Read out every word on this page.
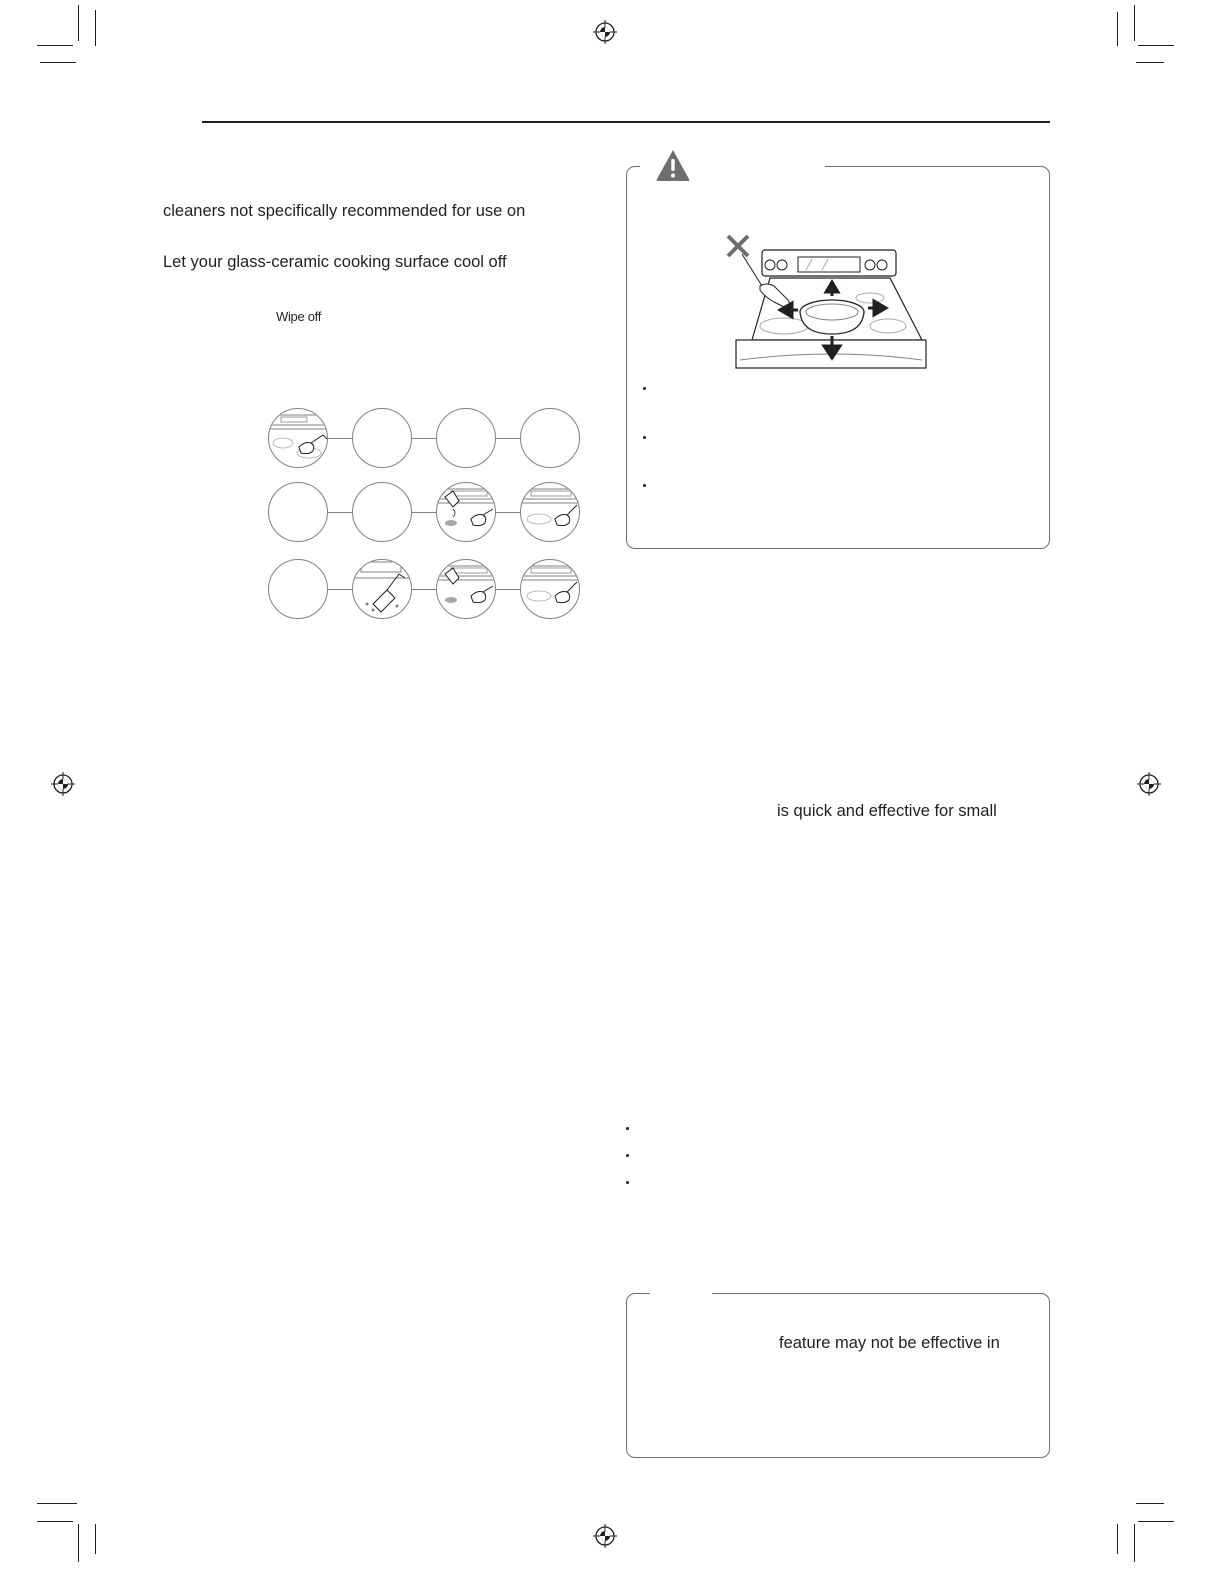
cleaners not specifically recommended for use on
Let your glass-ceramic cooking surface cool off
Wipe off
is quick and effective for small
feature may not be effective in
